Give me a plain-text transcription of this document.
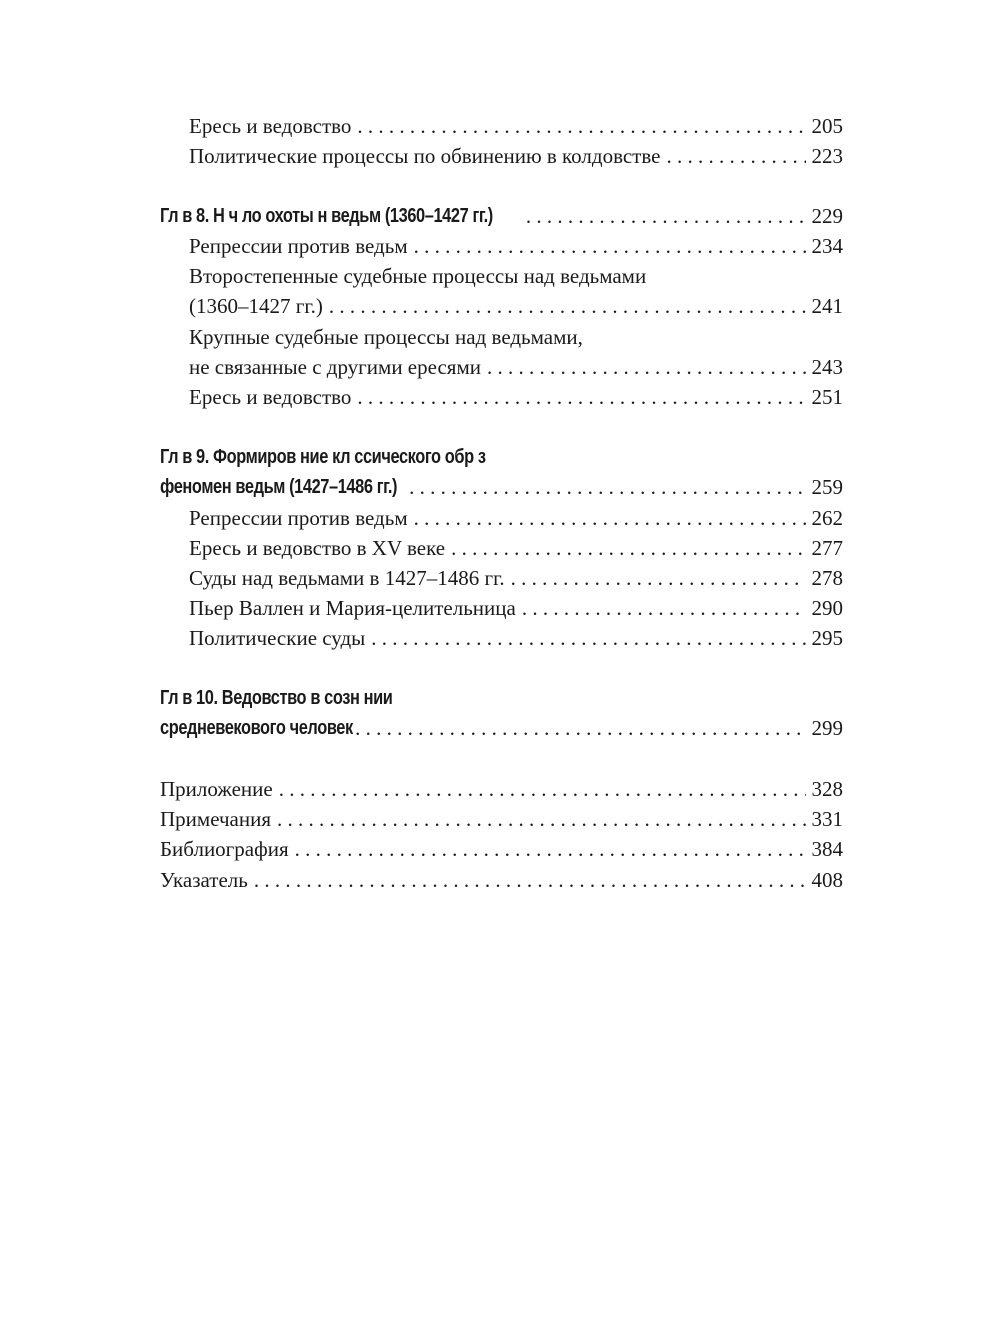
Ересь и ведовство . . .	205
Политические процессы по обвинению в колдовстве . . .	223
Гл в 8. Н ч ло охоты н ведьм (1360–1427 гг.) . . .	229
Репрессии против ведьм . . .	234
Второстепенные судебные процессы над ведьмами
(1360–1427 гг.) . . .	241
Крупные судебные процессы над ведьмами,
не связанные с другими ересями . . .	243
Ересь и ведовство . . .	251
Гл в 9. Формиров ние кл ссического обр з
феномен ведьм (1427–1486 гг.) . . .	259
Репрессии против ведьм . . .	262
Ересь и ведовство в XV веке . . .	277
Суды над ведьмами в 1427–1486 гг. . . .	278
Пьер Валлен и Мария-целительница . . .	290
Политические суды . . .	295
Гл в 10. Ведовство в созн нии
средневекового человек . . .	299
Приложение . . .	328
Примечания . . .	331
Библиография . . .	384
Указатель . . .	408
